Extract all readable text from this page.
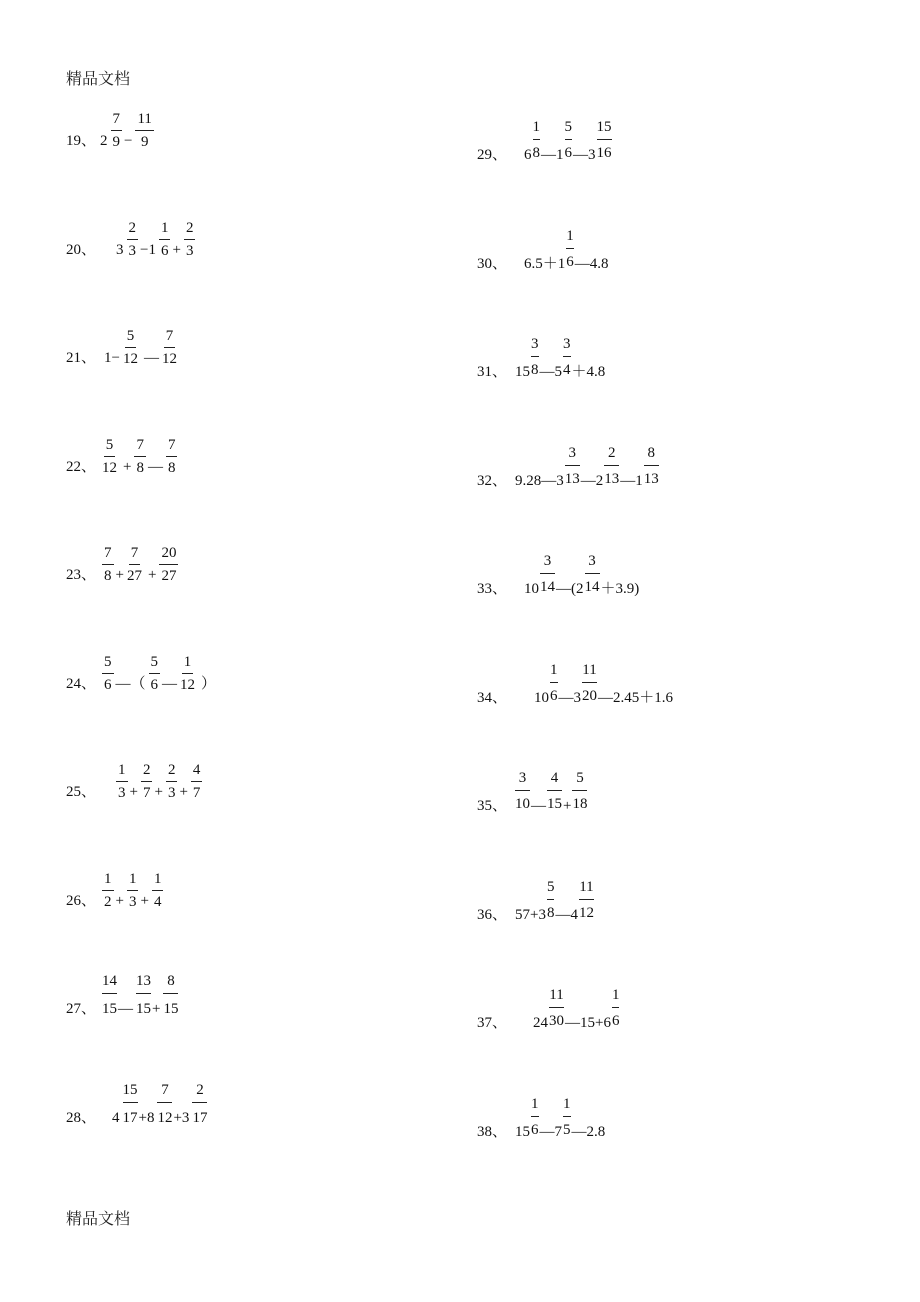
精品文档
19、 $2 \frac{7}{9} - \frac{11}{9}$
20、 $3 \frac{2}{3} -1 \frac{1}{6} + \frac{2}{3}$
21、 $1- \frac{5}{12}$ — $\frac{7}{12}$
22、 $\frac{5}{12} + \frac{7}{8}$ — $\frac{7}{8}$
23、 $\frac{7}{8} + \frac{7}{27} + \frac{20}{27}$
24、 $\frac{5}{6}$ —（ $\frac{5}{6}$ — $\frac{1}{12}$ ）
25、 $\frac{1}{3} + \frac{2}{7} + \frac{2}{3} + \frac{4}{7}$
26、 $\frac{1}{2} + \frac{1}{3} + \frac{1}{4}$
27、
14
15 —
13
15 +
8
15
28、 4
15
17 +8
7
12 +3
2
17
29、 6
1
8 —1
5
6 —3
15
16
30、 6.5＋1
1
6 —4.8
31、 15
3
8 —5
3
4 ＋4.8
32、 9.28—3
3
13 —2
2
13 —1
8
13
33、 10
3
14 —(2
3
14 ＋3.9)
34、 10
1
6 —3
11
20 —2.45＋1.6
35、
3
10 —
4
15 +
5
18
36、 57+3
5
8 —4
11
12
37、 24
11
30 —15+6
1
6
38、 15
1
6 —7
1
5 —2.8
精品文档
